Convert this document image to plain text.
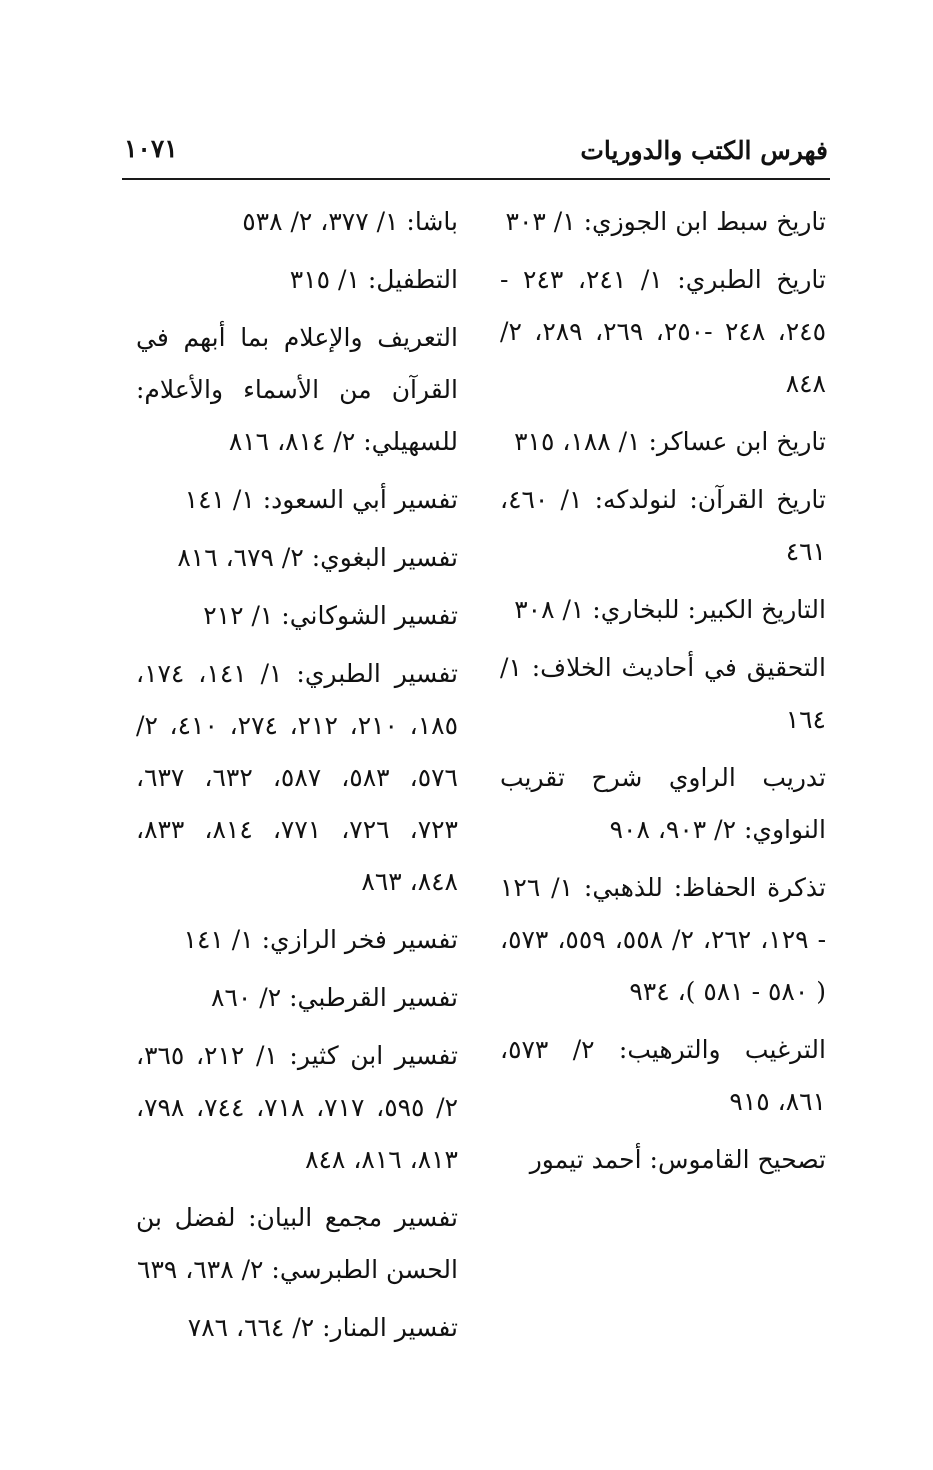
فهرس الكتب والدوريات
١٠٧١

تاريخ سبط ابن الجوزي: ١/ ٣٠٣

تاريخ الطبري: ١/ ٢٤١، ٢٤٣ - ٢٤٥، ٢٤٨ -٢٥٠، ٢٦٩، ٢٨٩، ٢/ ٨٤٨

تاريخ ابن عساكر: ١/ ١٨٨، ٣١٥

تاريخ القرآن: لنولدكه: ١/ ٤٦٠، ٤٦١

التاريخ الكبير: للبخاري: ١/ ٣٠٨

التحقيق في أحاديث الخلاف: ١/ ١٦٤

تدريب الراوي شرح تقريب النواوي: ٢/ ٩٠٣، ٩٠٨

تذكرة الحفاظ: للذهبي: ١/ ١٢٦ - ١٢٩، ٢٦٢، ٢/ ٥٥٨، ٥٥٩، ٥٧٣، ( ٥٨٠ - ٥٨١ )، ٩٣٤

الترغيب والترهيب: ٢/ ٥٧٣، ٨٦١، ٩١٥

تصحيح القاموس: أحمد تيمور

باشا: ١/ ٣٧٧، ٢/ ٥٣٨

التطفيل: ١/ ٣١٥

التعريف والإعلام بما أبهم في القرآن من الأسماء والأعلام: للسهيلي: ٢/ ٨١٤، ٨١٦

تفسير أبي السعود: ١/ ١٤١

تفسير البغوي: ٢/ ٦٧٩، ٨١٦

تفسير الشوكاني: ١/ ٢١٢

تفسير الطبري: ١/ ١٤١، ١٧٤، ١٨٥، ٢١٠، ٢١٢، ٢٧٤، ٤١٠، ٢/ ٥٧٦، ٥٨٣، ٥٨٧، ٦٣٢، ٦٣٧، ٧٢٣، ٧٢٦، ٧٧١، ٨١٤، ٨٣٣، ٨٤٨، ٨٦٣

تفسير فخر الرازي: ١/ ١٤١

تفسير القرطبي: ٢/ ٨٦٠

تفسير ابن كثير: ١/ ٢١٢، ٣٦٥، ٢/ ٥٩٥، ٧١٧، ٧١٨، ٧٤٤، ٧٩٨، ٨١٣، ٨١٦، ٨٤٨

تفسير مجمع البيان: لفضل بن الحسن الطبرسي: ٢/ ٦٣٨، ٦٣٩

تفسير المنار: ٢/ ٦٦٤، ٧٨٦
